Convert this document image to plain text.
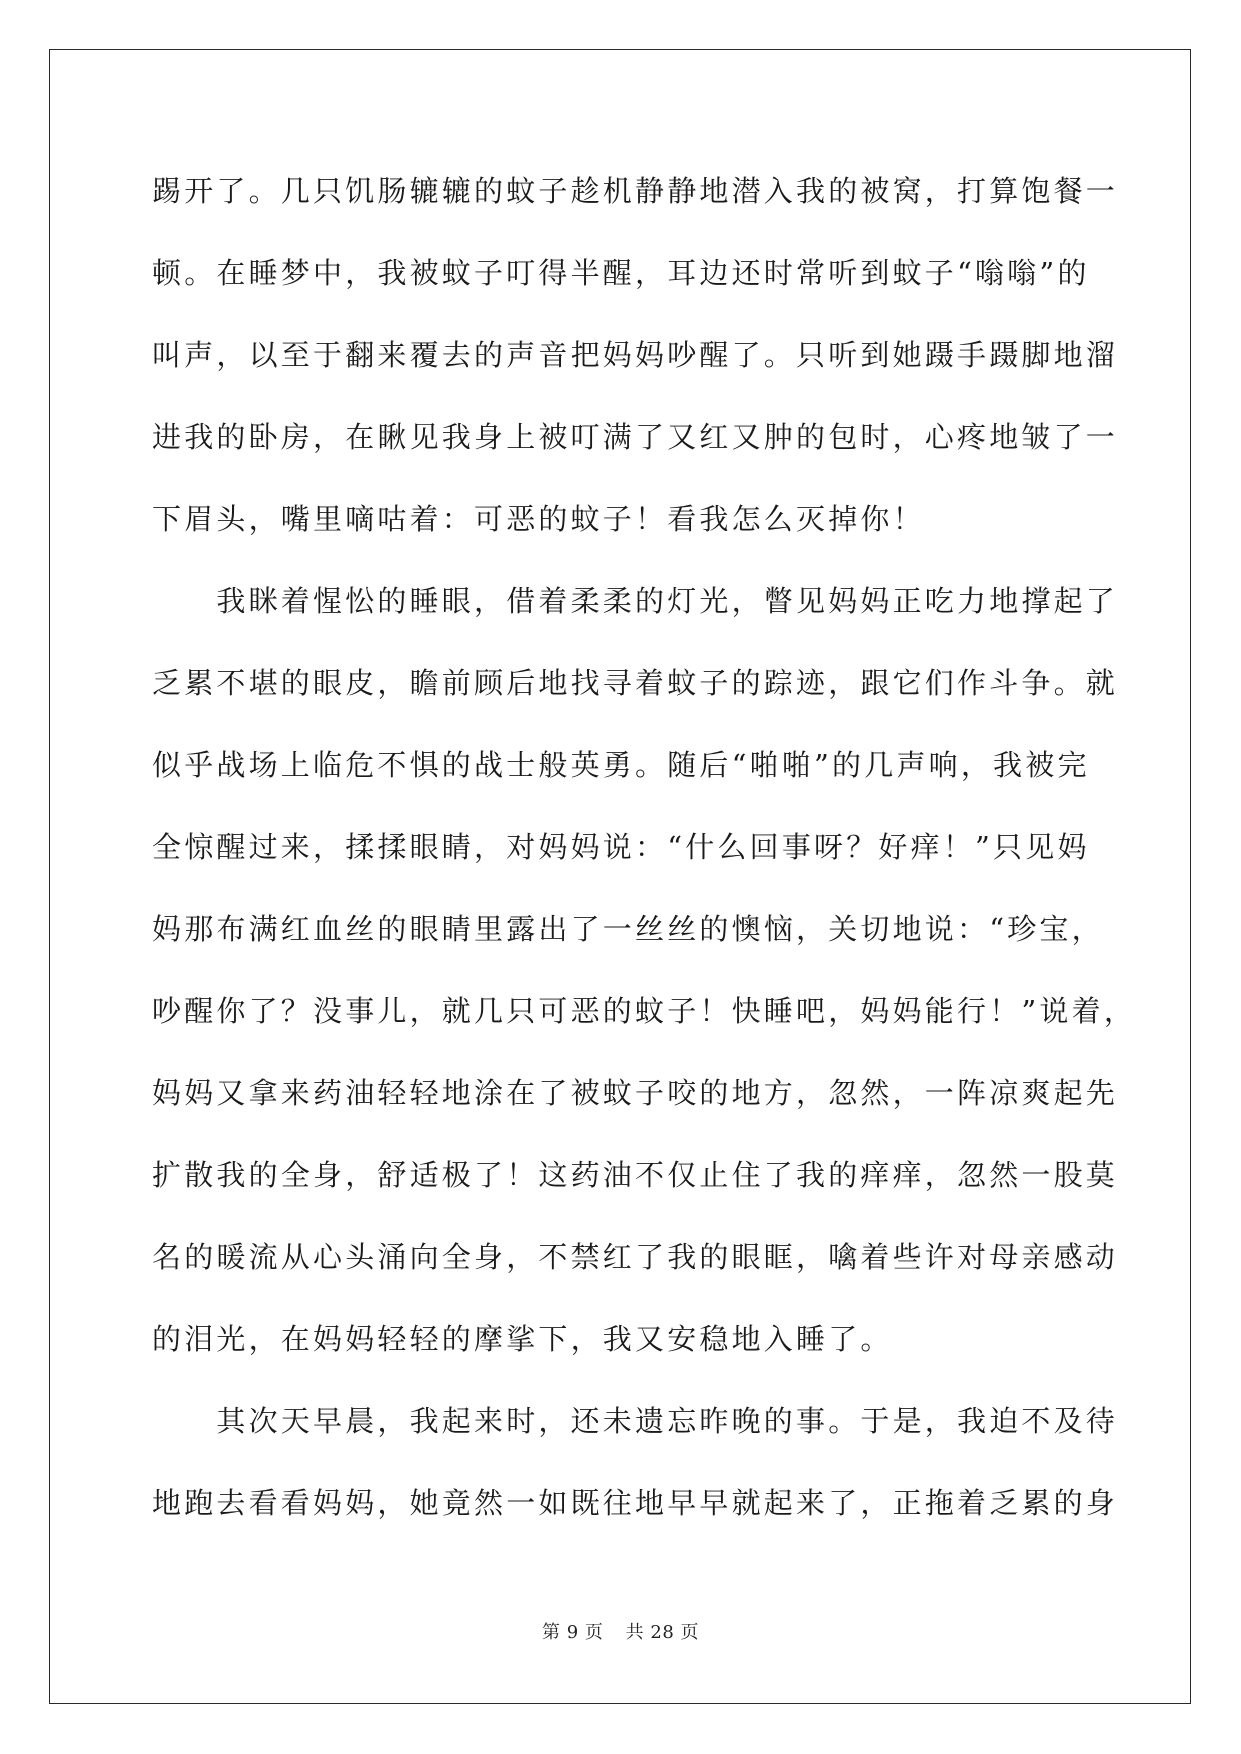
踢开了。几只饥肠辘辘的蚊子趁机静静地潜入我的被窝，打算饱餐一
顿。在睡梦中，我被蚊子叮得半醒，耳边还时常听到蚊子“嗡嗡”的
叫声，以至于翻来覆去的声音把妈妈吵醒了。只听到她蹑手蹑脚地溜
进我的卧房，在瞅见我身上被叮满了又红又肿的包时，心疼地皱了一
下眉头，嘴里嘀咕着：可恶的蚊子！看我怎么灭掉你！
　　我眯着惺忪的睡眼，借着柔柔的灯光，瞥见妈妈正吃力地撑起了
乏累不堪的眼皮，瞻前顾后地找寻着蚊子的踪迹，跟它们作斗争。就
似乎战场上临危不惧的战士般英勇。随后“啪啪”的几声响，我被完
全惊醒过来，揉揉眼睛，对妈妈说：“什么回事呀？好痒！”只见妈
妈那布满红血丝的眼睛里露出了一丝丝的懊恼，关切地说：“珍宝，
吵醒你了？没事儿，就几只可恶的蚊子！快睡吧，妈妈能行！”说着，
妈妈又拿来药油轻轻地涂在了被蚊子咬的地方，忽然，一阵凉爽起先
扩散我的全身，舒适极了！这药油不仅止住了我的痒痒，忽然一股莫
名的暖流从心头涌向全身，不禁红了我的眼眶，噙着些许对母亲感动
的泪光，在妈妈轻轻的摩挲下，我又安稳地入睡了。
　　其次天早晨，我起来时，还未遗忘昨晚的事。于是，我迫不及待
地跑去看看妈妈，她竟然一如既往地早早就起来了，正拖着乏累的身
第 9 页 共 28 页
